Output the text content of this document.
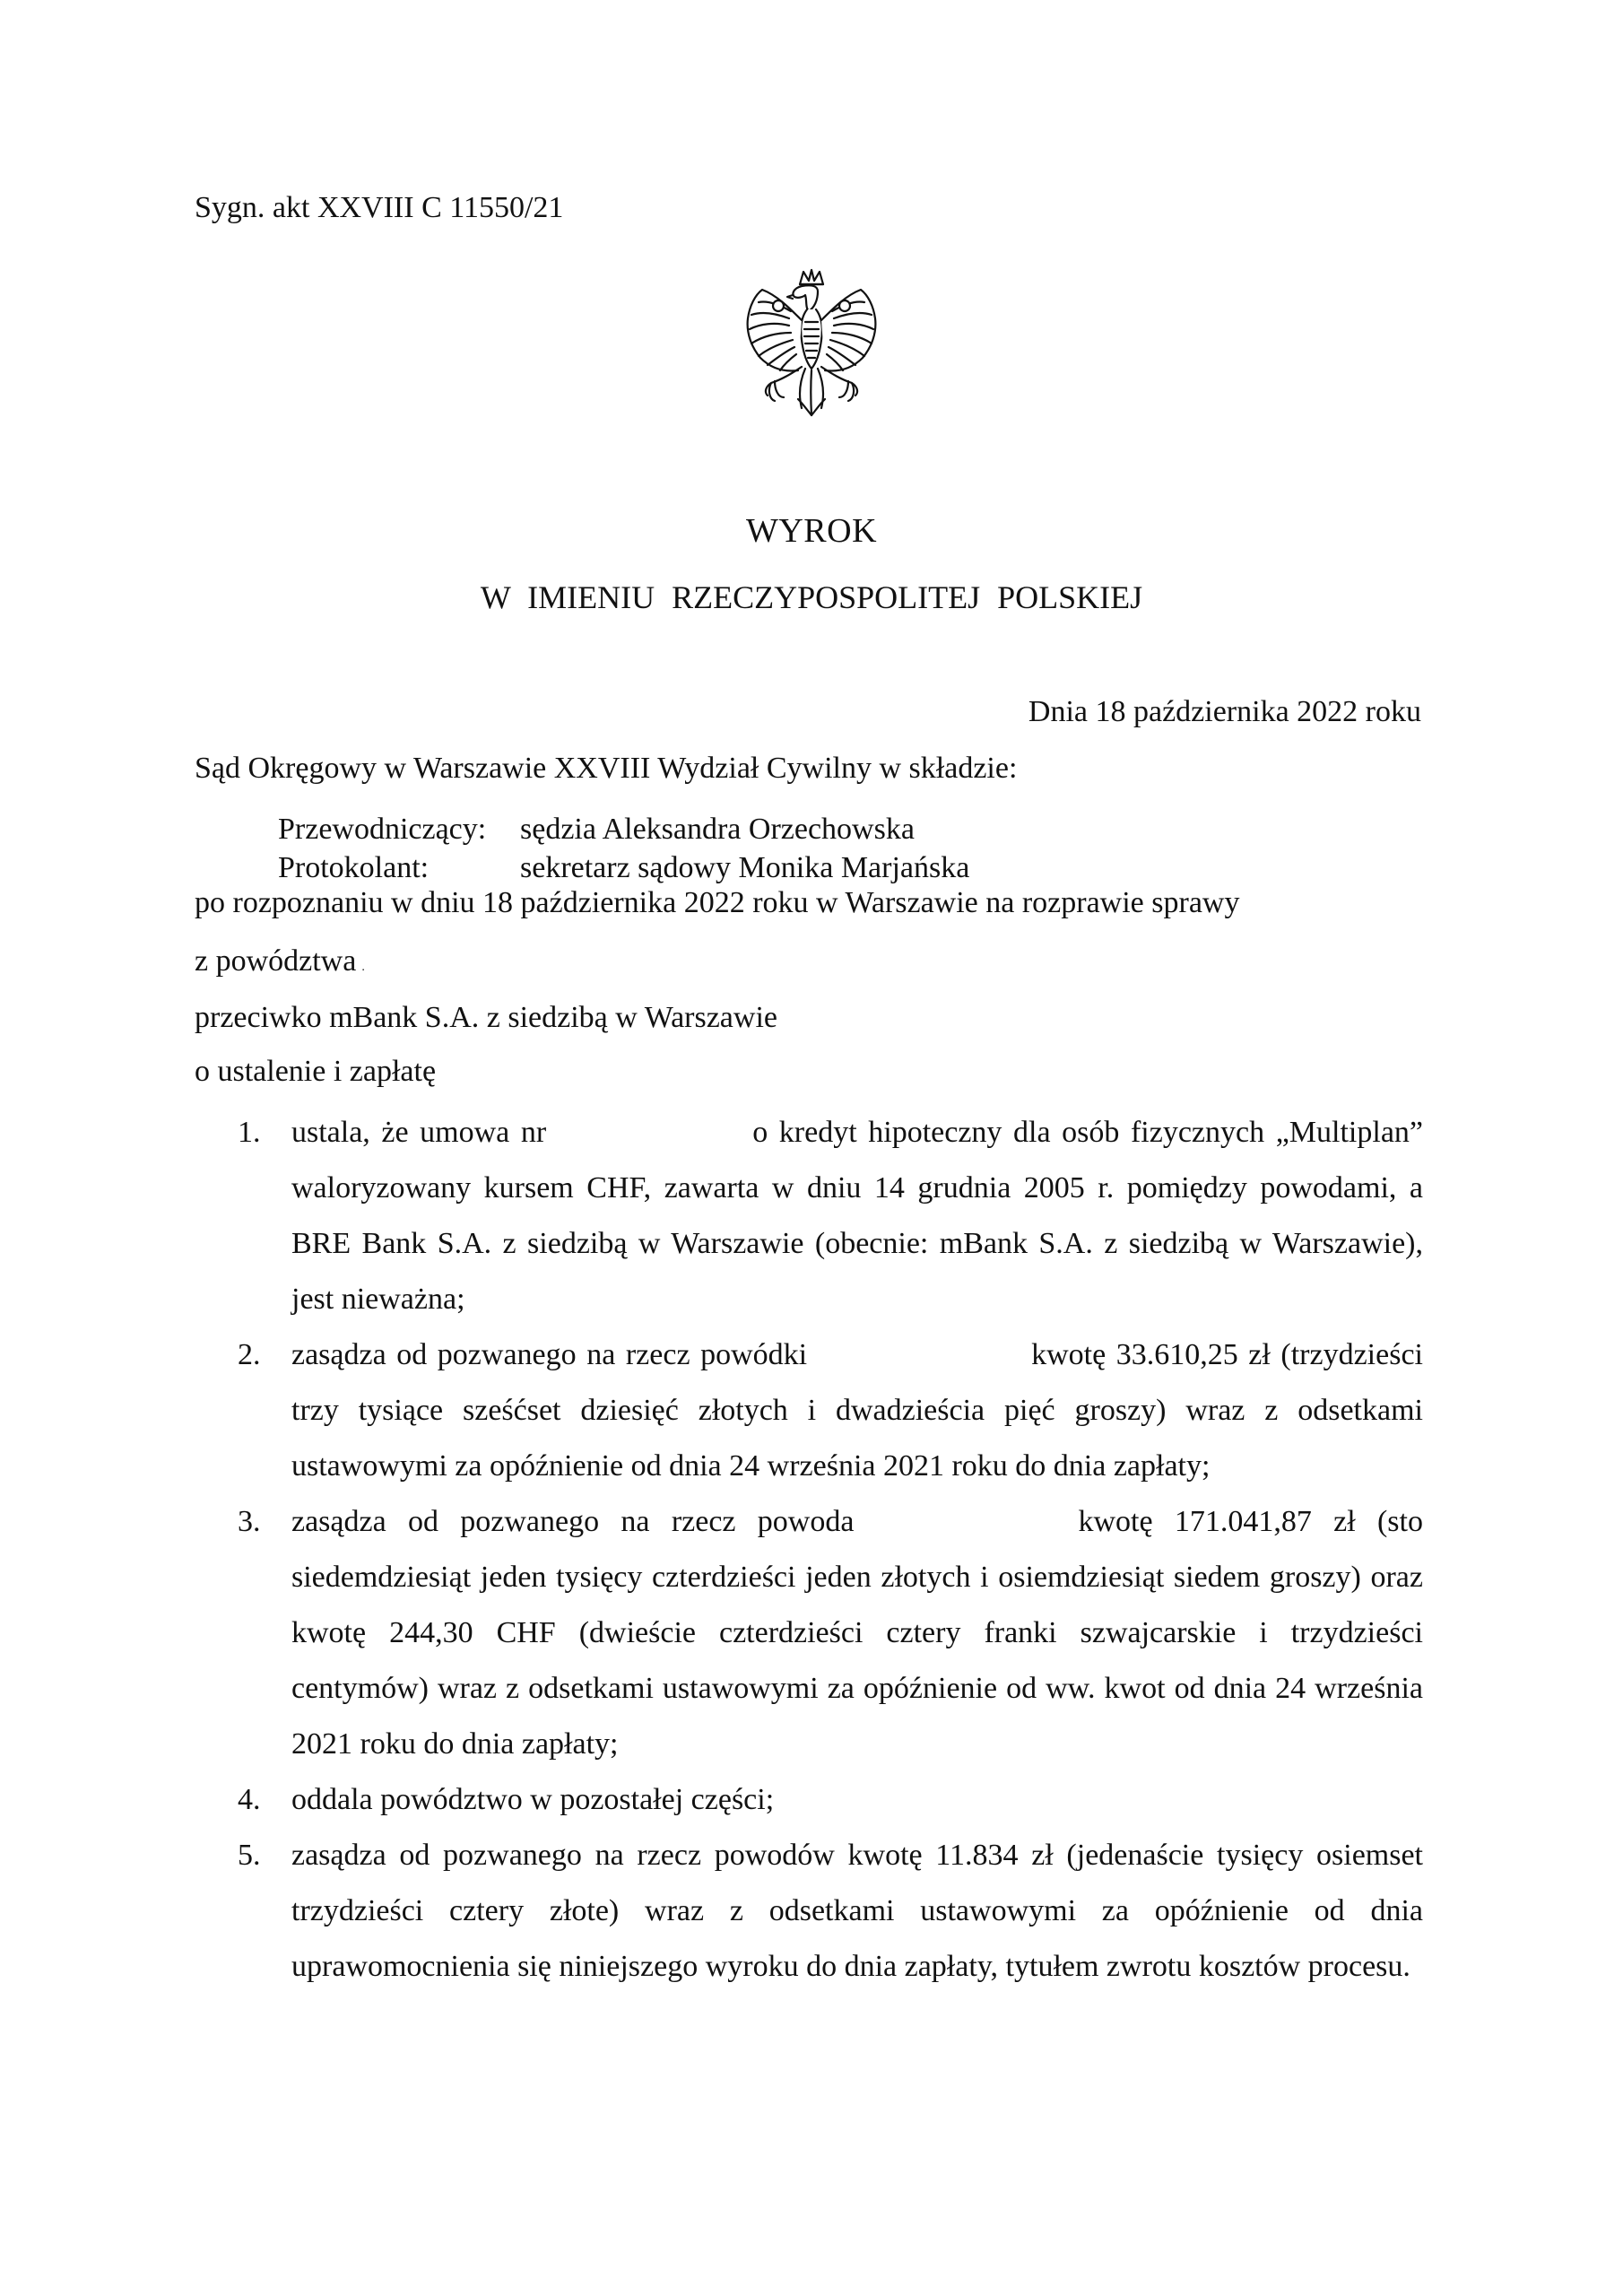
Sygn. akt XXVIII C 11550/21
WYROK
W IMIENIU RZECZYPOSPOLITEJ POLSKIEJ
Dnia 18 października 2022 roku
Sąd Okręgowy w Warszawie XXVIII Wydział Cywilny w składzie:
Przewodniczący: sędzia Aleksandra Orzechowska
Protokolant:	sekretarz sądowy Monika Marjańska
po rozpoznaniu w dniu 18 października 2022 roku w Warszawie na rozprawie sprawy
z powództwa .
przeciwko mBank S.A. z siedzibą w Warszawie
o ustalenie i zapłatę
1. ustala, że umowa nr	o kredyt hipoteczny dla osób fizycznych „Multiplan” waloryzowany kursem CHF, zawarta w dniu 14 grudnia 2005 r. pomiędzy powodami, a BRE Bank S.A. z siedzibą w Warszawie (obecnie: mBank S.A. z siedzibą w Warszawie), jest nieważna;
2. zasądza od pozwanego na rzecz powódki	kwotę 33.610,25 zł (trzydzieści trzy tysiące sześćset dziesięć złotych i dwadzieścia pięć groszy) wraz z odsetkami ustawowymi za opóźnienie od dnia 24 września 2021 roku do dnia zapłaty;
3. zasądza od pozwanego na rzecz powoda	kwotę 171.041,87 zł (sto siedemdziesiąt jeden tysięcy czterdzieści jeden złotych i osiemdziesiąt siedem groszy) oraz kwotę 244,30 CHF (dwieście czterdzieści cztery franki szwajcarskie i trzydzieści centymów) wraz z odsetkami ustawowymi za opóźnienie od ww. kwot od dnia 24 września 2021 roku do dnia zapłaty;
4. oddala powództwo w pozostałej części;
5. zasądza od pozwanego na rzecz powodów kwotę 11.834 zł (jedenaście tysięcy osiemset trzydzieści cztery złote) wraz z odsetkami ustawowymi za opóźnienie od dnia uprawomocnienia się niniejszego wyroku do dnia zapłaty, tytułem zwrotu kosztów procesu.
